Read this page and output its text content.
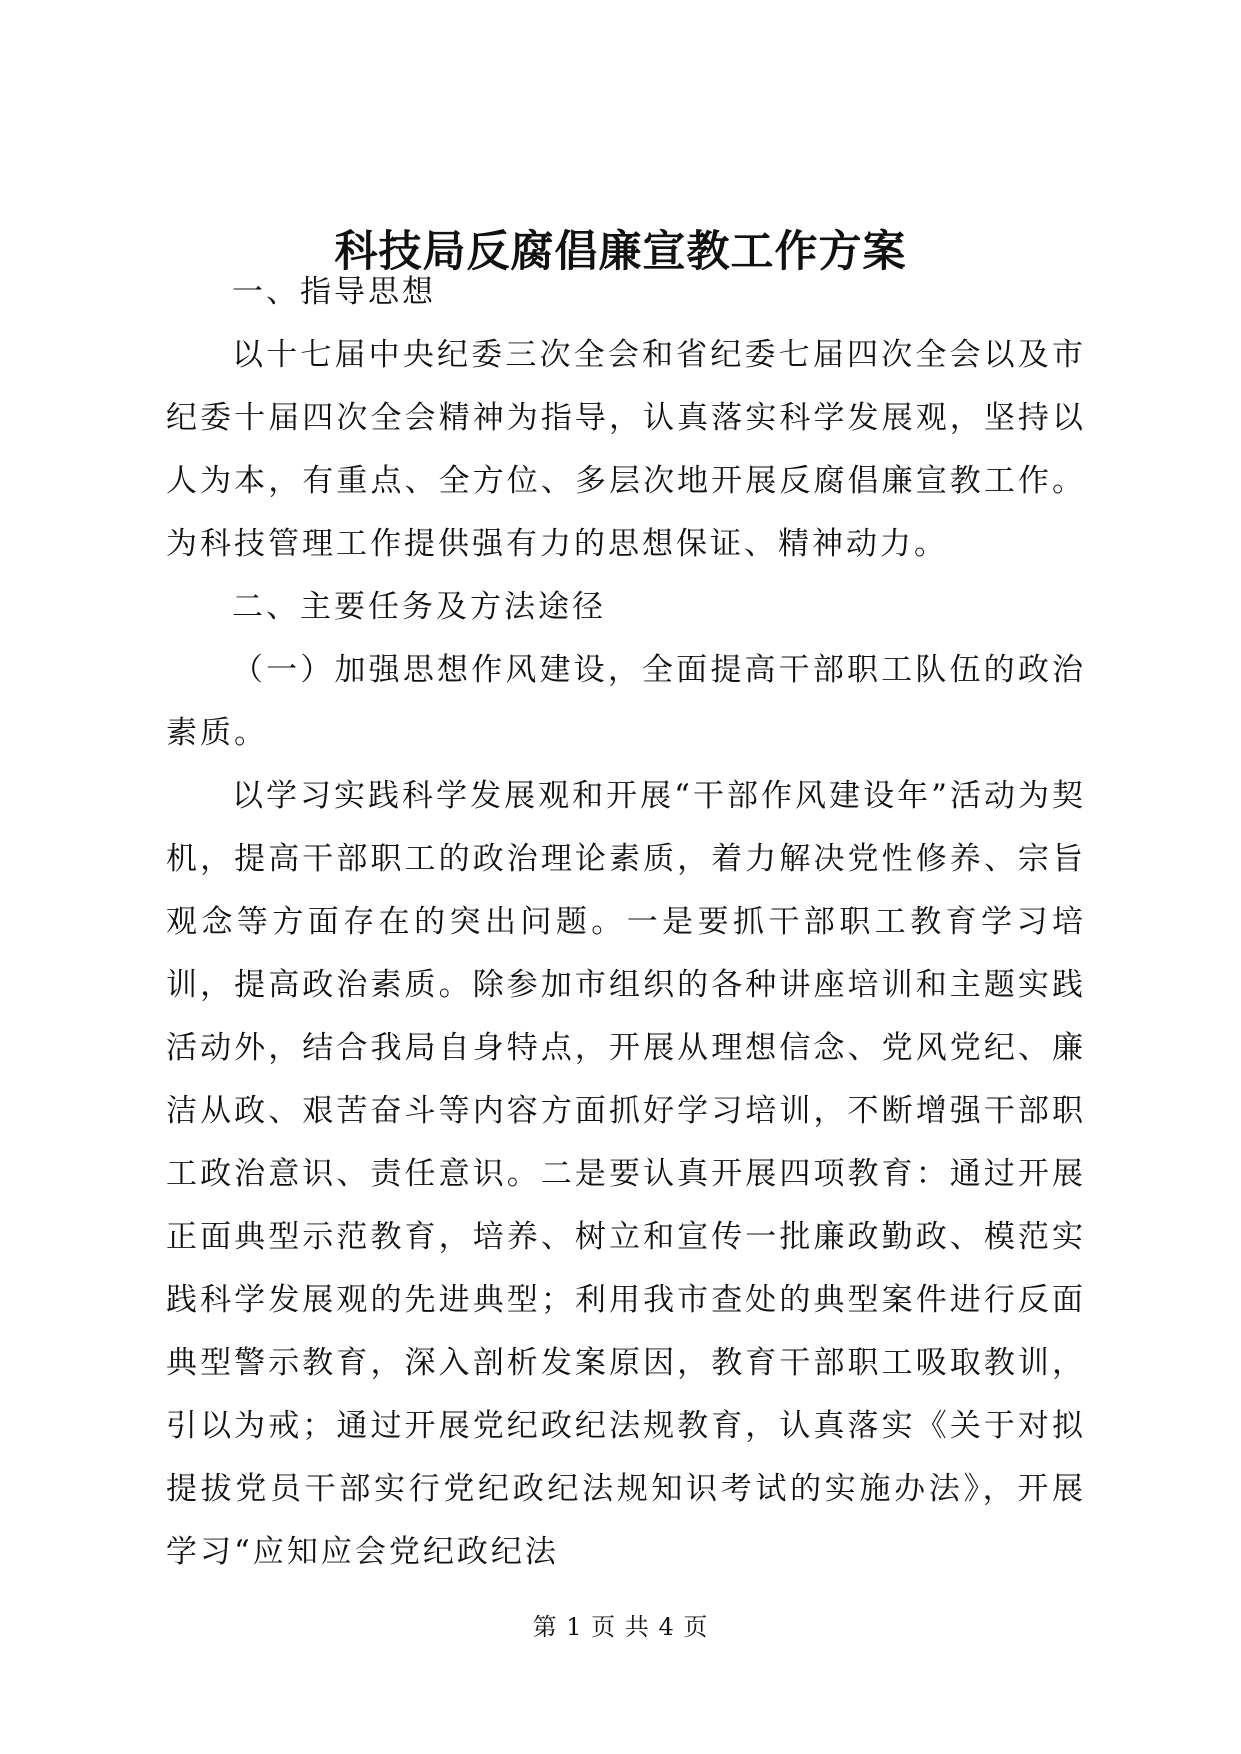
科技局反腐倡廉宣教工作方案

一、指导思想

以十七届中央纪委三次全会和省纪委七届四次全会以及市纪委十届四次全会精神为指导，认真落实科学发展观，坚持以人为本，有重点、全方位、多层次地开展反腐倡廉宣教工作。为科技管理工作提供强有力的思想保证、精神动力。

二、主要任务及方法途径

（一）加强思想作风建设，全面提高干部职工队伍的政治素质。

以学习实践科学发展观和开展“干部作风建设年”活动为契机，提高干部职工的政治理论素质，着力解决党性修养、宗旨观念等方面存在的突出问题。一是要抓干部职工教育学习培训，提高政治素质。除参加市组织的各种讲座培训和主题实践活动外，结合我局自身特点，开展从理想信念、党风党纪、廉洁从政、艰苦奋斗等内容方面抓好学习培训，不断增强干部职工政治意识、责任意识。二是要认真开展四项教育：通过开展正面典型示范教育，培养、树立和宣传一批廉政勤政、模范实践科学发展观的先进典型；利用我市查处的典型案件进行反面典型警示教育，深入剖析发案原因，教育干部职工吸取教训，引以为戒；通过开展党纪政纪法规教育，认真落实《关于对拟提拔党员干部实行党纪政纪法规知识考试的实施办法》，开展学习“应知应会党纪政纪法

第 1 页 共 4 页
